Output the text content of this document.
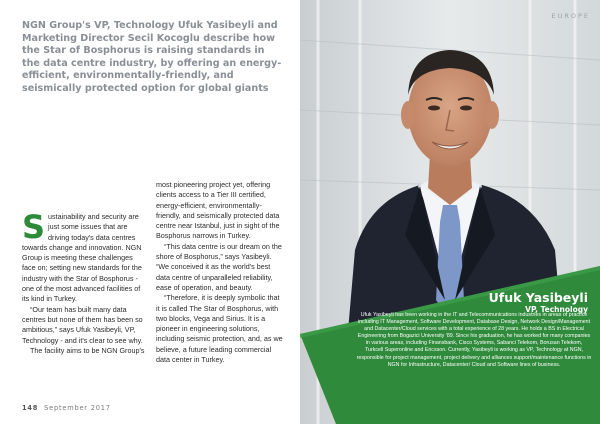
NGN Group's VP, Technology Ufuk Yasibeyli and Marketing Director Secil Kocoglu describe how the Star of Bosphorus is raising standards in the data centre industry, by offering an energy-efficient, environmentally-friendly, and seismically protected option for global giants

Sustainability and security are just some issues that are driving today's data centres towards change and innovation. NGN Group is meeting these challenges face on; setting new standards for the industry with the Star of Bosphorus - one of the most advanced facilities of its kind in Turkey.

“Our team has built many data centres but none of them has been so ambitious,” says Ufuk Yasibeyli, VP, Technology - and it's clear to see why.

The facility aims to be NGN Group's

most pioneering project yet, offering clients access to a Tier III certified, energy-efficient, environmentally-friendly, and seismically protected data centre near Istanbul, just in sight of the Bosphorus narrows in Turkey.

“This data centre is our dream on the shore of Bosphorus,” says Yasibeyli. “We conceived it as the world's best data centre of unparalleled reliability, ease of operation, and beauty.

“Therefore, it is deeply symbolic that it is called The Star of Bosphorus, with two blocks, Vega and Sirius. It is a pioneer in engineering solutions, including seismic protection, and, as we believe, a future leading commercial data center in Turkey.

148 September 2017
EUROPE
Ufuk Yasibeyli
VP, Technology

Ufuk Yasibeyli has been working in the IT and Telecommunications industries in areas of practice including IT Management, Software Development, Database Design, Network Design/Management and Datacenter/Cloud services with a total experience of 28 years. He holds a BS in Electrical Engineering from Bogazici University '89. Since his graduation, he has worked for many companies in various areas, including Finansbank, Cisco Systems, Sabanci Telekom, Borusan Telekom, Turkcell Superonline and Ericsson. Currently, Yasibeyli is working as VP, Technology at NGN, responsible for project management, project delivery and alliances support/maintenance functions in NGN for Infrastructure, Datacenter/ Cloud and Software lines of business.
